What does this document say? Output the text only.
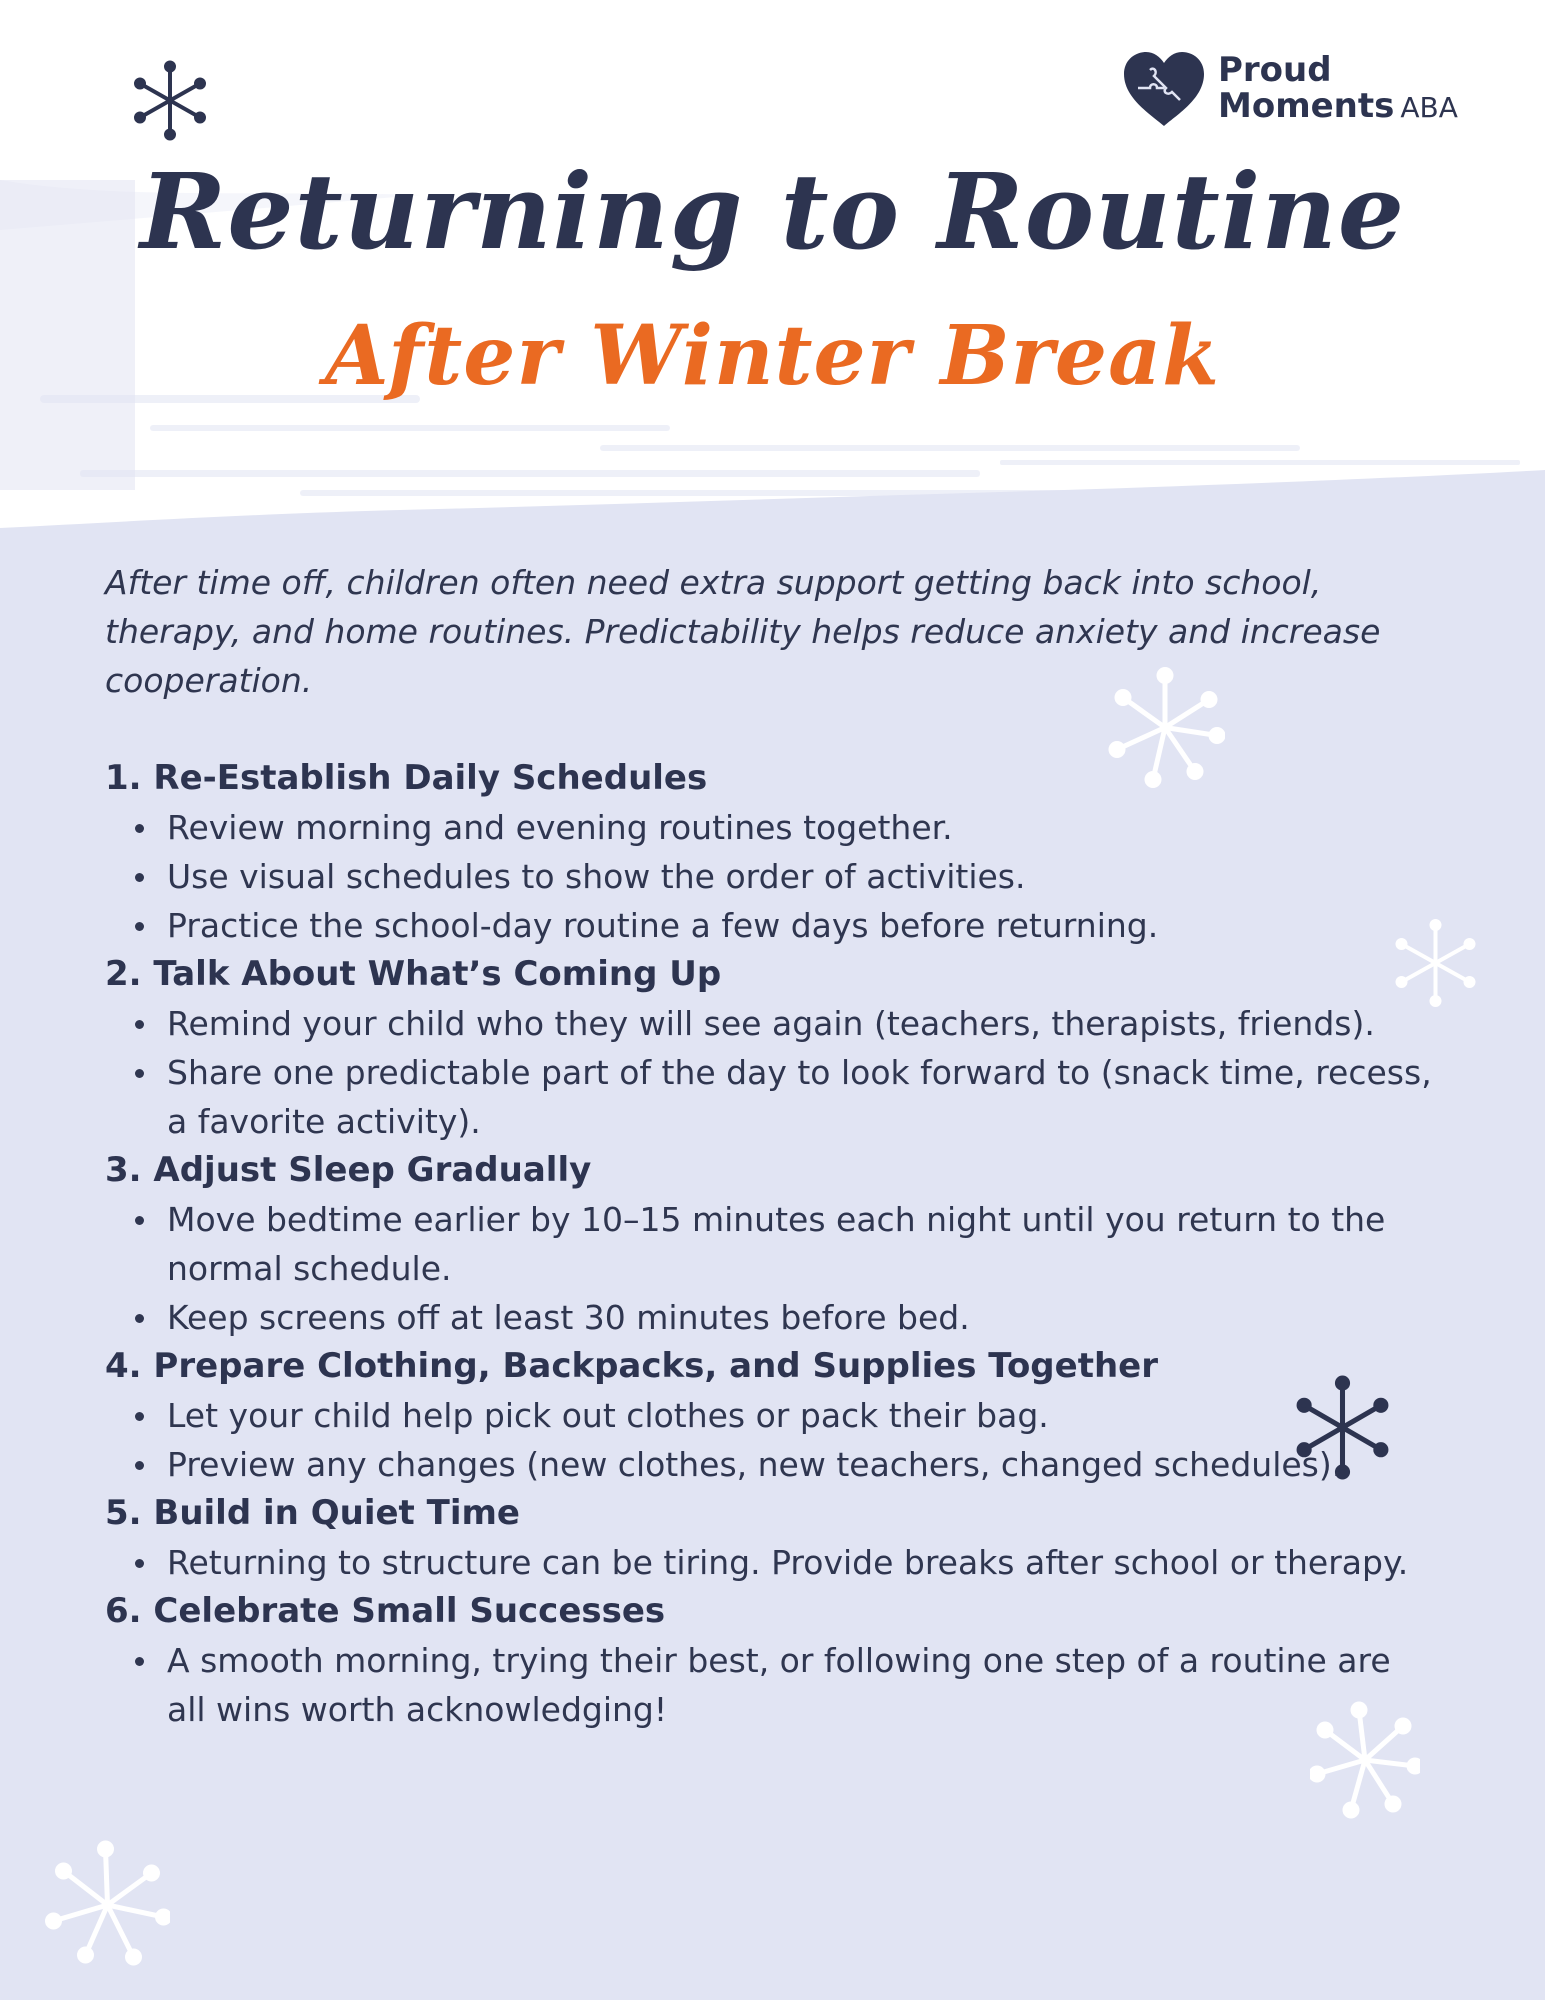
Proud
Moments ABA
Returning to Routine
After Winter Break

After time off, children often need extra support getting back into school, therapy, and home routines. Predictability helps reduce anxiety and increase cooperation.

1. Re-Establish Daily Schedules
Review morning and evening routines together.
Use visual schedules to show the order of activities.
Practice the school-day routine a few days before returning.
2. Talk About What’s Coming Up
Remind your child who they will see again (teachers, therapists, friends).
Share one predictable part of the day to look forward to (snack time, recess, a favorite activity).
3. Adjust Sleep Gradually
Move bedtime earlier by 10–15 minutes each night until you return to the normal schedule.
Keep screens off at least 30 minutes before bed.
4. Prepare Clothing, Backpacks, and Supplies Together
Let your child help pick out clothes or pack their bag.
Preview any changes (new clothes, new teachers, changed schedules).
5. Build in Quiet Time
Returning to structure can be tiring. Provide breaks after school or therapy.
6. Celebrate Small Successes
A smooth morning, trying their best, or following one step of a routine are all wins worth acknowledging!
